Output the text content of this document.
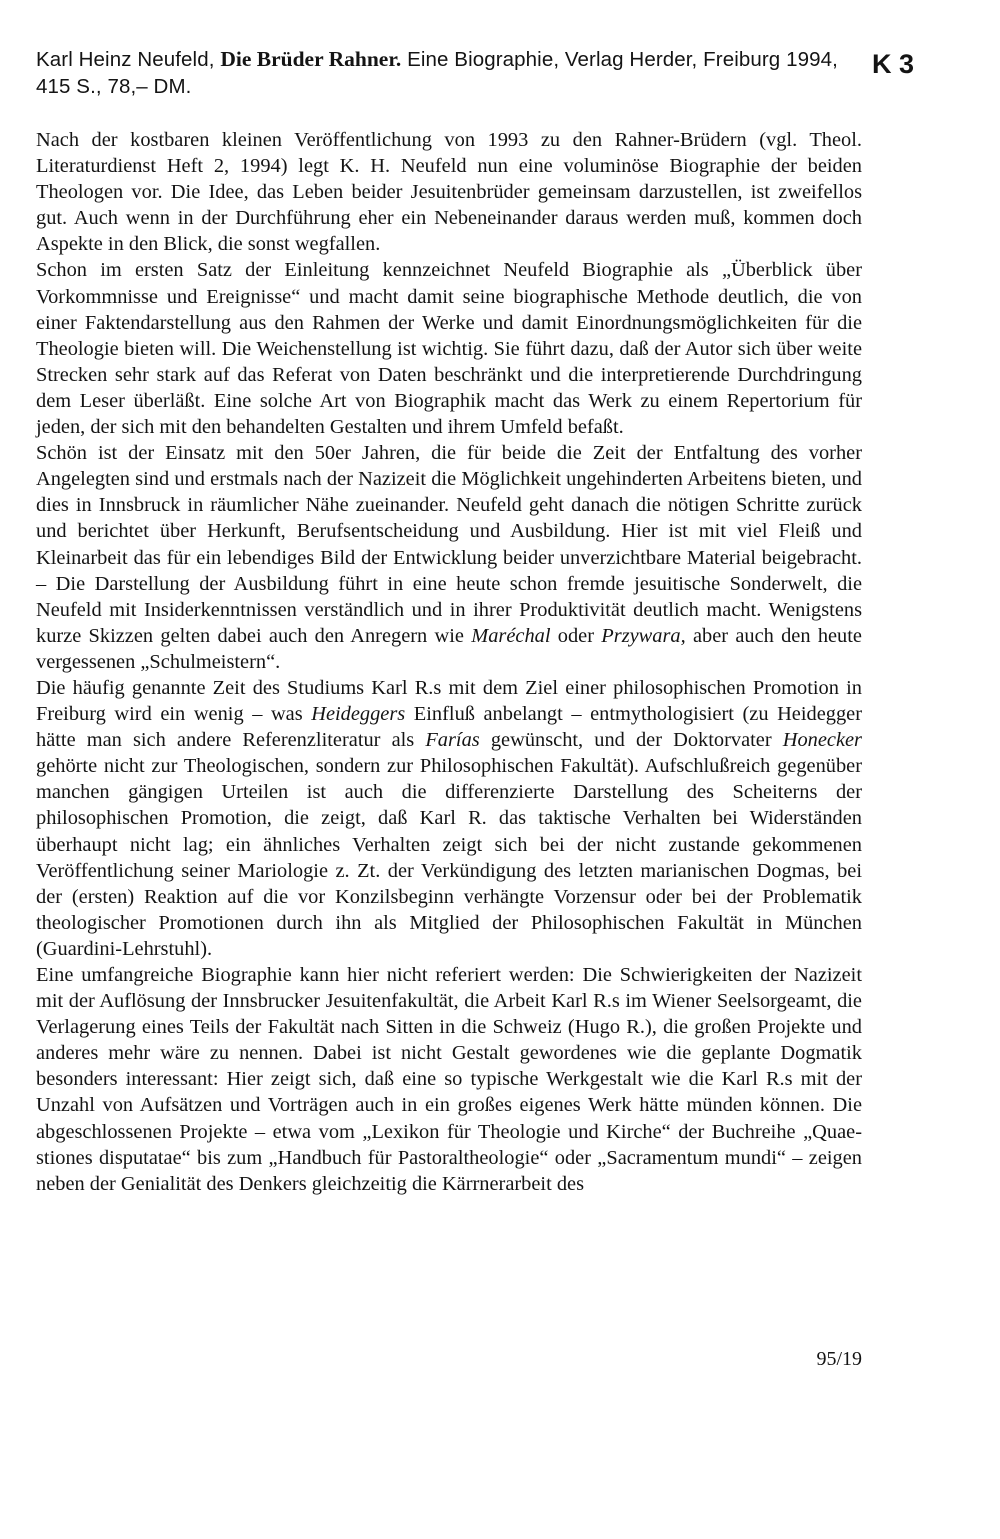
Karl Heinz Neufeld, Die Brüder Rahner. Eine Biographie, Verlag Herder, Freiburg 1994, 415 S., 78,– DM.
K 3

Nach der kostbaren kleinen Veröffentlichung von 1993 zu den Rahner-Brüdern (vgl. Theol. Literaturdienst Heft 2, 1994) legt K. H. Neufeld nun eine voluminöse Biographie der beiden Theologen vor. Die Idee, das Leben beider Jesuitenbrüder gemeinsam darzustellen, ist zweifellos gut. Auch wenn in der Durchführung eher ein Nebeneinander daraus werden muß, kommen doch Aspekte in den Blick, die sonst wegfallen.

Schon im ersten Satz der Einleitung kennzeichnet Neufeld Biographie als „Überblick über Vorkommnisse und Ereignisse“ und macht damit seine biographische Methode deutlich, die von einer Faktendarstellung aus den Rahmen der Werke und damit Einordnungsmöglichkeiten für die Theologie bieten will. Die Weichenstellung ist wichtig. Sie führt dazu, daß der Autor sich über weite Strecken sehr stark auf das Referat von Daten beschränkt und die interpretierende Durchdringung dem Leser überläßt. Eine solche Art von Biographik macht das Werk zu einem Repertorium für jeden, der sich mit den behandelten Gestalten und ihrem Umfeld befaßt.

Schön ist der Einsatz mit den 50er Jahren, die für beide die Zeit der Entfaltung des vorher Angelegten sind und erstmals nach der Nazizeit die Möglichkeit ungehinderten Arbeitens bieten, und dies in Innsbruck in räumlicher Nähe zueinander. Neufeld geht danach die nötigen Schritte zurück und berichtet über Herkunft, Berufsentscheidung und Ausbildung. Hier ist mit viel Fleiß und Kleinarbeit das für ein lebendiges Bild der Entwicklung beider unverzichtbare Material beigebracht. – Die Darstellung der Ausbildung führt in eine heute schon fremde jesuitische Sonderwelt, die Neufeld mit Insiderkenntnissen verständlich und in ihrer Produktivität deutlich macht. Wenigstens kurze Skizzen gelten dabei auch den Anregern wie Maréchal oder Przywara, aber auch den heute vergessenen „Schulmeistern“.

Die häufig genannte Zeit des Studiums Karl R.s mit dem Ziel einer philosophischen Promotion in Freiburg wird ein wenig – was Heideggers Einfluß anbelangt – entmythologisiert (zu Heidegger hätte man sich andere Referenzliteratur als Farías gewünscht, und der Doktorvater Honecker gehörte nicht zur Theologischen, sondern zur Philosophischen Fakultät). Aufschlußreich gegenüber manchen gängigen Urteilen ist auch die differenzierte Darstellung des Scheiterns der philosophischen Promotion, die zeigt, daß Karl R. das taktische Verhalten bei Widerständen überhaupt nicht lag; ein ähnliches Verhalten zeigt sich bei der nicht zustande gekommenen Veröffentlichung seiner Mariologie z. Zt. der Verkündigung des letzten marianischen Dogmas, bei der (ersten) Reaktion auf die vor Konzilsbeginn verhängte Vorzensur oder bei der Problematik theologischer Promotionen durch ihn als Mitglied der Philosophischen Fakultät in München (Guardini-Lehrstuhl).

Eine umfangreiche Biographie kann hier nicht referiert werden: Die Schwierigkeiten der Nazizeit mit der Auflösung der Innsbrucker Jesuitenfakultät, die Arbeit Karl R.s im Wiener Seelsorgeamt, die Verlagerung eines Teils der Fakultät nach Sitten in die Schweiz (Hugo R.), die großen Projekte und anderes mehr wäre zu nennen. Dabei ist nicht Gestalt gewordenes wie die geplante Dogmatik besonders interessant: Hier zeigt sich, daß eine so typische Werkgestalt wie die Karl R.s mit der Unzahl von Aufsätzen und Vorträgen auch in ein großes eigenes Werk hätte münden können. Die abgeschlossenen Projekte – etwa vom „Lexikon für Theologie und Kirche“ der Buchreihe „Quaestiones disputatae“ bis zum „Handbuch für Pastoraltheologie“ oder „Sacramentum mundi“ – zeigen neben der Genialität des Denkers gleichzeitig die Kärrnerarbeit des

95/19
